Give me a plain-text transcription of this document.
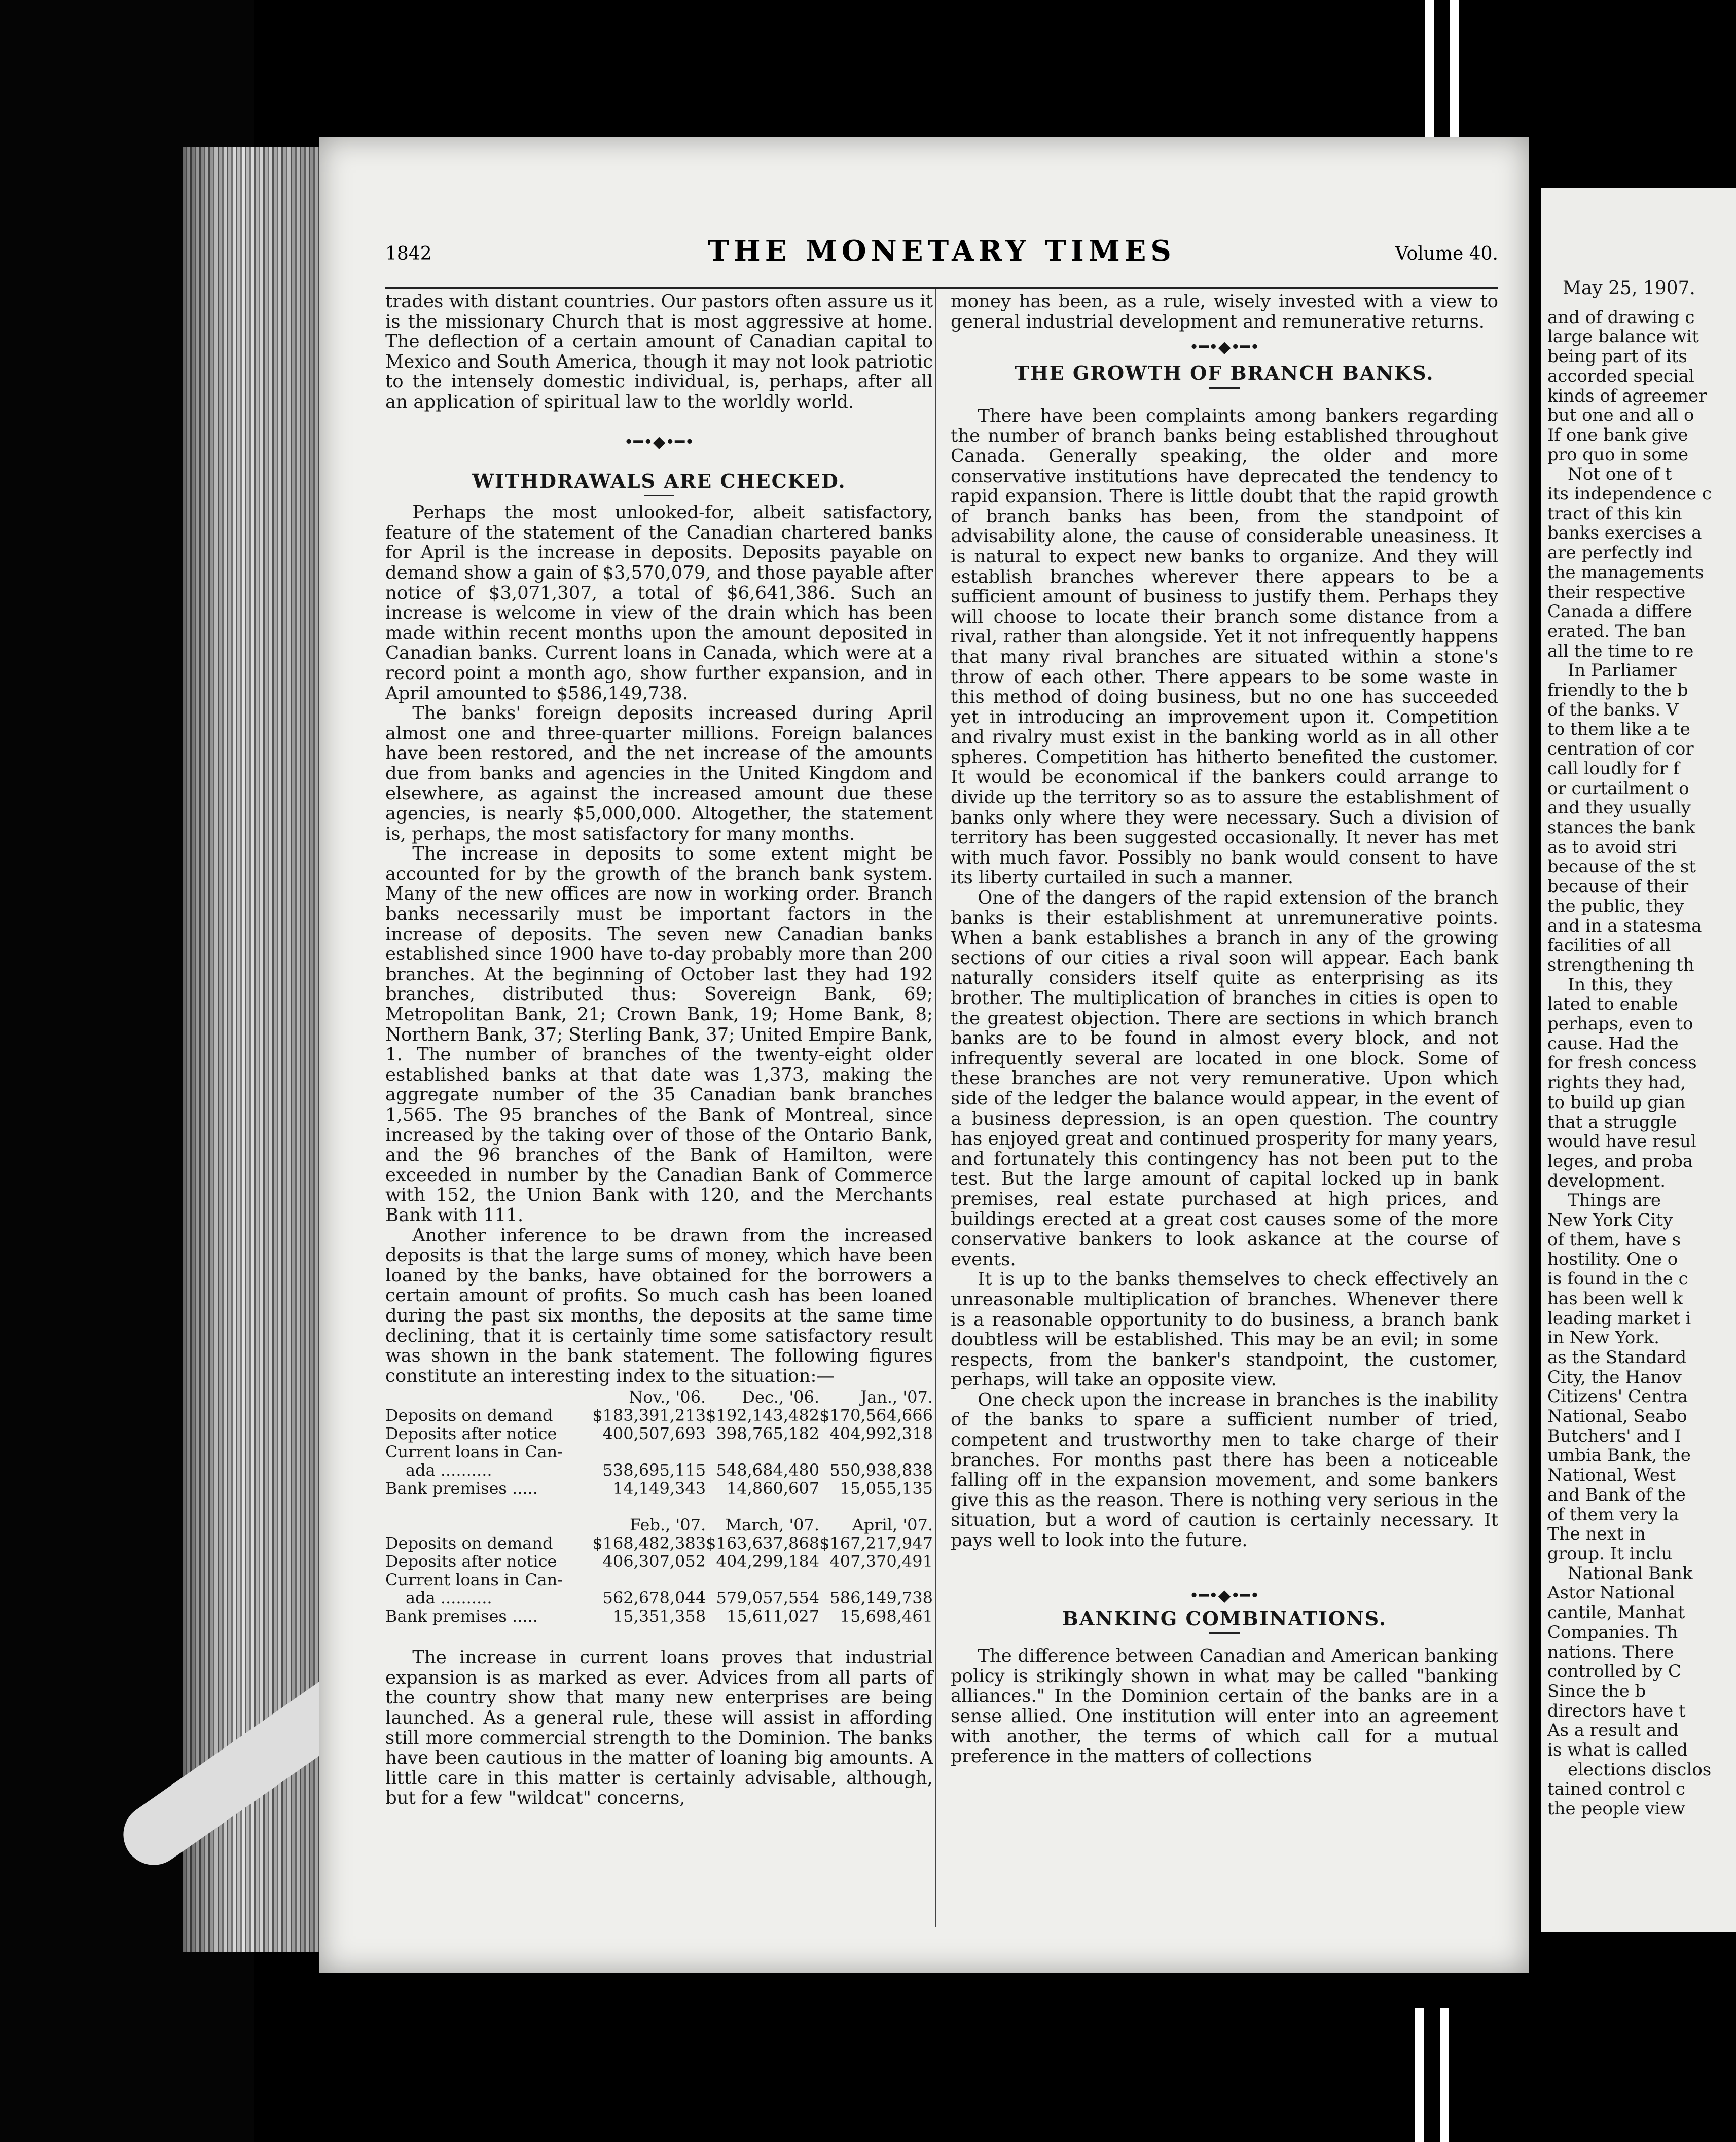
1842	THE MONETARY TIMES	Volume 40.

trades with distant countries. Our pastors often assure us it is the missionary Church that is most aggressive at home. The deflection of a certain amount of Canadian capital to Mexico and South America, though it may not look patriotic to the intensely domestic individual, is, perhaps, after all an application of spiritual law to the worldly world.

•━•◆•━•
WITHDRAWALS ARE CHECKED.

Perhaps the most unlooked-for, albeit satisfactory, feature of the statement of the Canadian chartered banks for April is the increase in deposits. Deposits payable on demand show a gain of $3,570,079, and those payable after notice of $3,071,307, a total of $6,641,386. Such an increase is welcome in view of the drain which has been made within recent months upon the amount deposited in Canadian banks. Current loans in Canada, which were at a record point a month ago, show further expansion, and in April amounted to $586,149,738.

The banks' foreign deposits increased during April almost one and three-quarter millions. Foreign balances have been restored, and the net increase of the amounts due from banks and agencies in the United Kingdom and elsewhere, as against the increased amount due these agencies, is nearly $5,000,000. Altogether, the statement is, perhaps, the most satisfactory for many months.

The increase in deposits to some extent might be accounted for by the growth of the branch bank system. Many of the new offices are now in working order. Branch banks necessarily must be important factors in the increase of deposits. The seven new Canadian banks established since 1900 have to-day probably more than 200 branches. At the beginning of October last they had 192 branches, distributed thus: Sovereign Bank, 69; Metropolitan Bank, 21; Crown Bank, 19; Home Bank, 8; Northern Bank, 37; Sterling Bank, 37; United Empire Bank, 1. The number of branches of the twenty-eight older established banks at that date was 1,373, making the aggregate number of the 35 Canadian bank branches 1,565. The 95 branches of the Bank of Montreal, since increased by the taking over of those of the Ontario Bank, and the 96 branches of the Bank of Hamilton, were exceeded in number by the Canadian Bank of Commerce with 152, the Union Bank with 120, and the Merchants Bank with 111.

Another inference to be drawn from the increased deposits is that the large sums of money, which have been loaned by the banks, have obtained for the borrowers a certain amount of profits. So much cash has been loaned during the past six months, the deposits at the same time declining, that it is certainly time some satisfactory result was shown in the bank statement. The following figures constitute an interesting index to the situation:—

	Nov., '06.	Dec., '06.	Jan., '07.
Deposits on demand	$183,391,213	$192,143,482	$170,564,666
Deposits after notice	400,507,693	398,765,182	404,992,318
Current loans in Can-			
ada ..........	538,695,115	548,684,480	550,938,838
Bank premises .....	14,149,343	14,860,607	15,055,135
	Feb., '07.	March, '07.	April, '07.
Deposits on demand	$168,482,383	$163,637,868	$167,217,947
Deposits after notice	406,307,052	404,299,184	407,370,491
Current loans in Can-			
ada ..........	562,678,044	579,057,554	586,149,738
Bank premises .....	15,351,358	15,611,027	15,698,461

The increase in current loans proves that industrial expansion is as marked as ever. Advices from all parts of the country show that many new enterprises are being launched. As a general rule, these will assist in affording still more commercial strength to the Dominion. The banks have been cautious in the matter of loaning big amounts. A little care in this matter is certainly advisable, although, but for a few "wildcat" concerns,

money has been, as a rule, wisely invested with a view to general industrial development and remunerative returns.

•━•◆•━•
THE GROWTH OF BRANCH BANKS.

There have been complaints among bankers regarding the number of branch banks being established throughout Canada. Generally speaking, the older and more conservative institutions have deprecated the tendency to rapid expansion. There is little doubt that the rapid growth of branch banks has been, from the standpoint of advisability alone, the cause of considerable uneasiness. It is natural to expect new banks to organize. And they will establish branches wherever there appears to be a sufficient amount of business to justify them. Perhaps they will choose to locate their branch some distance from a rival, rather than alongside. Yet it not infrequently happens that many rival branches are situated within a stone's throw of each other. There appears to be some waste in this method of doing business, but no one has succeeded yet in introducing an improvement upon it. Competition and rivalry must exist in the banking world as in all other spheres. Competition has hitherto benefited the customer. It would be economical if the bankers could arrange to divide up the territory so as to assure the establishment of banks only where they were necessary. Such a division of territory has been suggested occasionally. It never has met with much favor. Possibly no bank would consent to have its liberty curtailed in such a manner.

One of the dangers of the rapid extension of the branch banks is their establishment at unremunerative points. When a bank establishes a branch in any of the growing sections of our cities a rival soon will appear. Each bank naturally considers itself quite as enterprising as its brother. The multiplication of branches in cities is open to the greatest objection. There are sections in which branch banks are to be found in almost every block, and not infrequently several are located in one block. Some of these branches are not very remunerative. Upon which side of the ledger the balance would appear, in the event of a business depression, is an open question. The country has enjoyed great and continued prosperity for many years, and fortunately this contingency has not been put to the test. But the large amount of capital locked up in bank premises, real estate purchased at high prices, and buildings erected at a great cost causes some of the more conservative bankers to look askance at the course of events.

It is up to the banks themselves to check effectively an unreasonable multiplication of branches. Whenever there is a reasonable opportunity to do business, a branch bank doubtless will be established. This may be an evil; in some respects, from the banker's standpoint, the customer, perhaps, will take an opposite view.

One check upon the increase in branches is the inability of the banks to spare a sufficient number of tried, competent and trustworthy men to take charge of their branches. For months past there has been a noticeable falling off in the expansion movement, and some bankers give this as the reason. There is nothing very serious in the situation, but a word of caution is certainly necessary. It pays well to look into the future.

•━•◆•━•
BANKING COMBINATIONS.

The difference between Canadian and American banking policy is strikingly shown in what may be called "banking alliances." In the Dominion certain of the banks are in a sense allied. One institution will enter into an agreement with another, the terms of which call for a mutual preference in the matters of collections

May 25, 1907.
and of drawing c
large balance wit
being part of its
accorded special
kinds of agreemer
but one and all o
If one bank give
pro quo in some
Not one of t
its independence c
tract of this kin
banks exercises a
are perfectly ind
the managements
their respective
Canada a differe
erated. The ban
all the time to re
In Parliamer
friendly to the b
of the banks. V
to them like a te
centration of cor
call loudly for f
or curtailment o
and they usually
stances the bank
as to avoid stri
because of the st
because of their
the public, they
and in a statesma
facilities of all
strengthening th
In this, they
lated to enable
perhaps, even to
cause. Had the
for fresh concess
rights they had,
to build up gian
that a struggle
would have resul
leges, and proba
development.
Things are
New York City
of them, have s
hostility. One o
is found in the c
has been well k
leading market i
in New York.
as the Standard
City, the Hanov
Citizens' Centra
National, Seabo
Butchers' and I
umbia Bank, the
National, West
and Bank of the
of them very la
The next in
group. It inclu
National Bank
Astor National
cantile, Manhat
Companies. Th
nations. There
controlled by C
Since the b
directors have t
As a result and
is what is called
elections disclos
tained control c
the people view
